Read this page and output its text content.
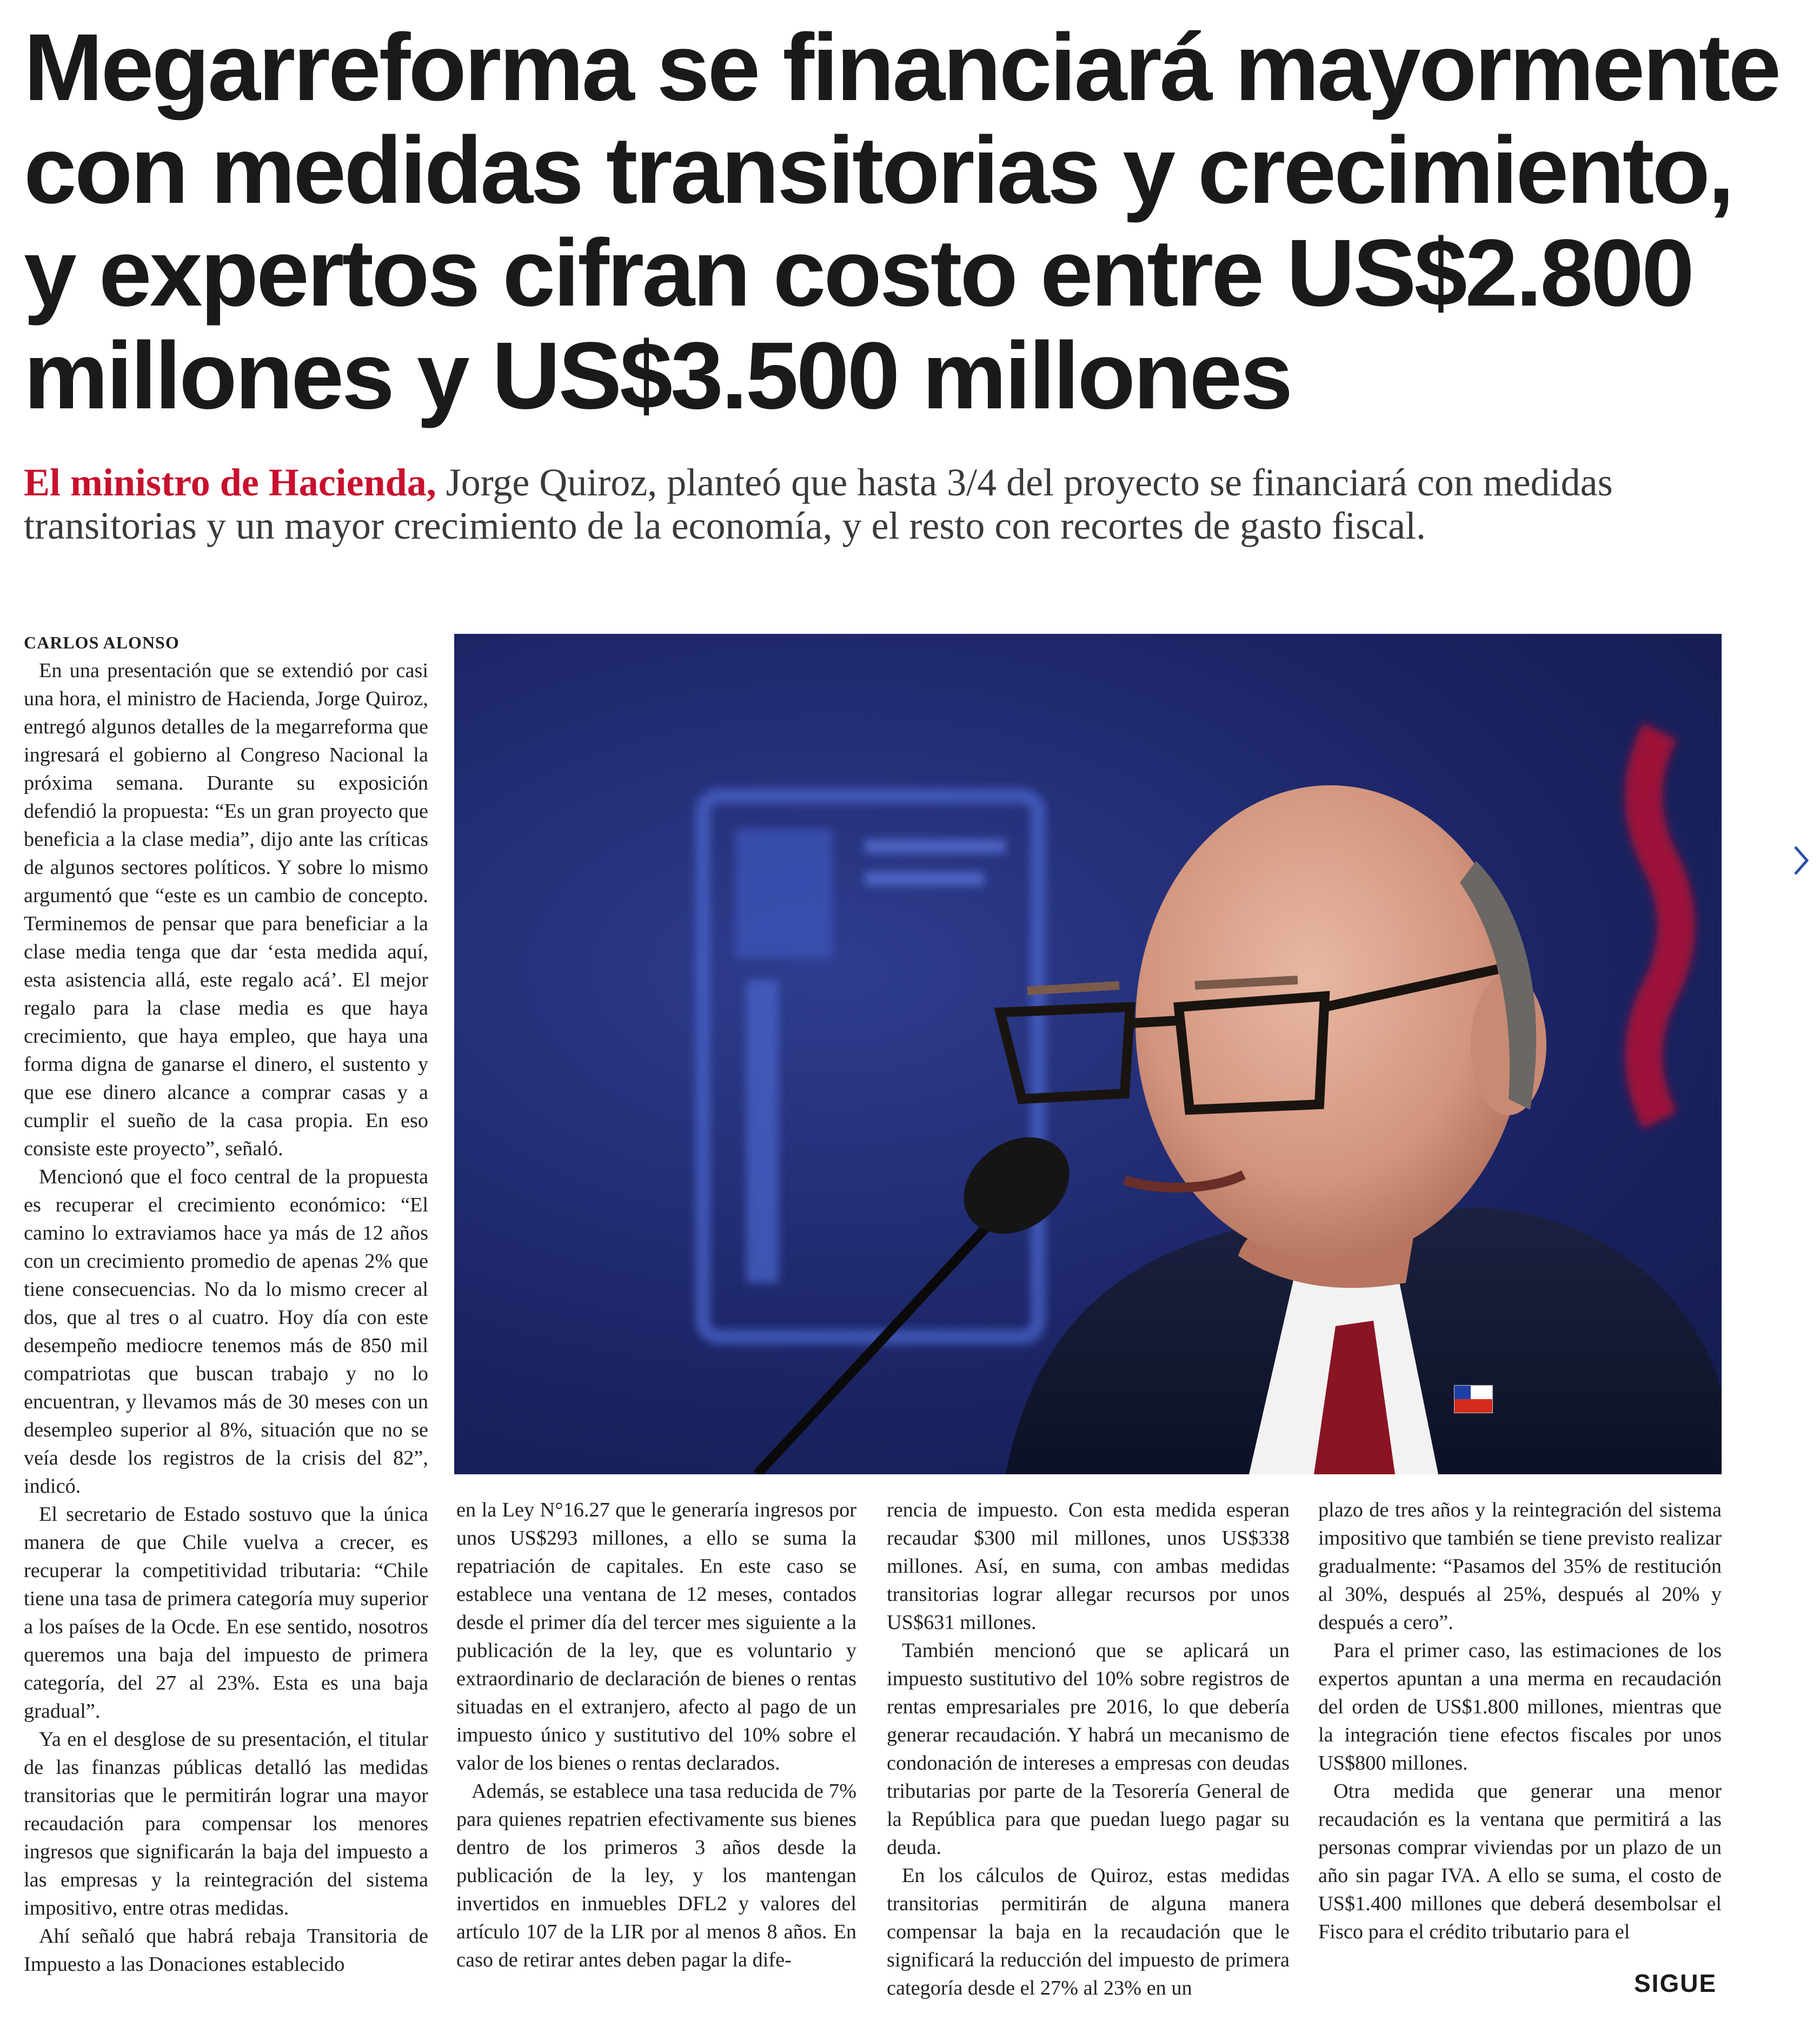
Megarreforma se financiará mayormente
con medidas transitorias y crecimiento,
y expertos cifran costo entre US$2.800
millones y US$3.500 millones
El ministro de Hacienda, Jorge Quiroz, planteó que hasta 3/4 del proyecto se financiará con medidas
transitorias y un mayor crecimiento de la economía, y el resto con recortes de gasto fiscal.
CARLOS ALONSO

En una presentación que se extendió por casi una hora, el ministro de Hacienda, Jorge Quiroz, entregó algunos detalles de la megarreforma que ingresará el gobierno al Congreso Nacional la próxima semana. Durante su exposición defendió la propuesta: “Es un gran proyecto que beneficia a la clase media”, dijo ante las críticas de algunos sectores políticos. Y sobre lo mismo argumentó que “este es un cambio de concepto. Terminemos de pensar que para beneficiar a la clase media tenga que dar ‘esta medida aquí, esta asistencia allá, este regalo acá’. El mejor regalo para la clase media es que haya crecimiento, que haya empleo, que haya una forma digna de ganarse el dinero, el sustento y que ese dinero alcance a comprar casas y a cumplir el sueño de la casa propia. En eso consiste este proyecto”, señaló.

Mencionó que el foco central de la propuesta es recuperar el crecimiento económico: “El camino lo extraviamos hace ya más de 12 años con un crecimiento promedio de apenas 2% que tiene consecuencias. No da lo mismo crecer al dos, que al tres o al cuatro. Hoy día con este desempeño mediocre tenemos más de 850 mil compatriotas que buscan trabajo y no lo encuentran, y llevamos más de 30 meses con un desempleo superior al 8%, situación que no se veía desde los registros de la crisis del 82”, indicó.

El secretario de Estado sostuvo que la única manera de que Chile vuelva a crecer, es recuperar la competitividad tributaria: “Chile tiene una tasa de primera categoría muy superior a los países de la Ocde. En ese sentido, nosotros queremos una baja del impuesto de primera categoría, del 27 al 23%. Esta es una baja gradual”.

Ya en el desglose de su presentación, el titular de las finanzas públicas detalló las medidas transitorias que le permitirán lograr una mayor recaudación para compensar los menores ingresos que significarán la baja del impuesto a las empresas y la reintegración del sistema impositivo, entre otras medidas.

Ahí señaló que habrá rebaja Transitoria de Impuesto a las Donaciones establecido

en la Ley N°16.27 que le generaría ingresos por unos US$293 millones, a ello se suma la repatriación de capitales. En este caso se establece una ventana de 12 meses, contados desde el primer día del tercer mes siguiente a la publicación de la ley, que es voluntario y extraordinario de declaración de bienes o rentas situadas en el extranjero, afecto al pago de un impuesto único y sustitutivo del 10% sobre el valor de los bienes o rentas declarados.

Además, se establece una tasa reducida de 7% para quienes repatrien efectivamente sus bienes dentro de los primeros 3 años desde la publicación de la ley, y los mantengan invertidos en inmuebles DFL2 y valores del artículo 107 de la LIR por al menos 8 años. En caso de retirar antes deben pagar la dife-

rencia de impuesto. Con esta medida esperan recaudar $300 mil millones, unos US$338 millones. Así, en suma, con ambas medidas transitorias lograr allegar recursos por unos US$631 millones.

También mencionó que se aplicará un impuesto sustitutivo del 10% sobre registros de rentas empresariales pre 2016, lo que debería generar recaudación. Y habrá un mecanismo de condonación de intereses a empresas con deudas tributarias por parte de la Tesorería General de la República para que puedan luego pagar su deuda.

En los cálculos de Quiroz, estas medidas transitorias permitirán de alguna manera compensar la baja en la recaudación que le significará la reducción del impuesto de primera categoría desde el 27% al 23% en un

plazo de tres años y la reintegración del sistema impositivo que también se tiene previsto realizar gradualmente: “Pasamos del 35% de restitución al 30%, después al 25%, después al 20% y después a cero”.

Para el primer caso, las estimaciones de los expertos apuntan a una merma en recaudación del orden de US$1.800 millones, mientras que la integración tiene efectos fiscales por unos US$800 millones.

Otra medida que generar una menor recaudación es la ventana que permitirá a las personas comprar viviendas por un plazo de un año sin pagar IVA. A ello se suma, el costo de US$1.400 millones que deberá desembolsar el Fisco para el crédito tributario para el

SIGUE
